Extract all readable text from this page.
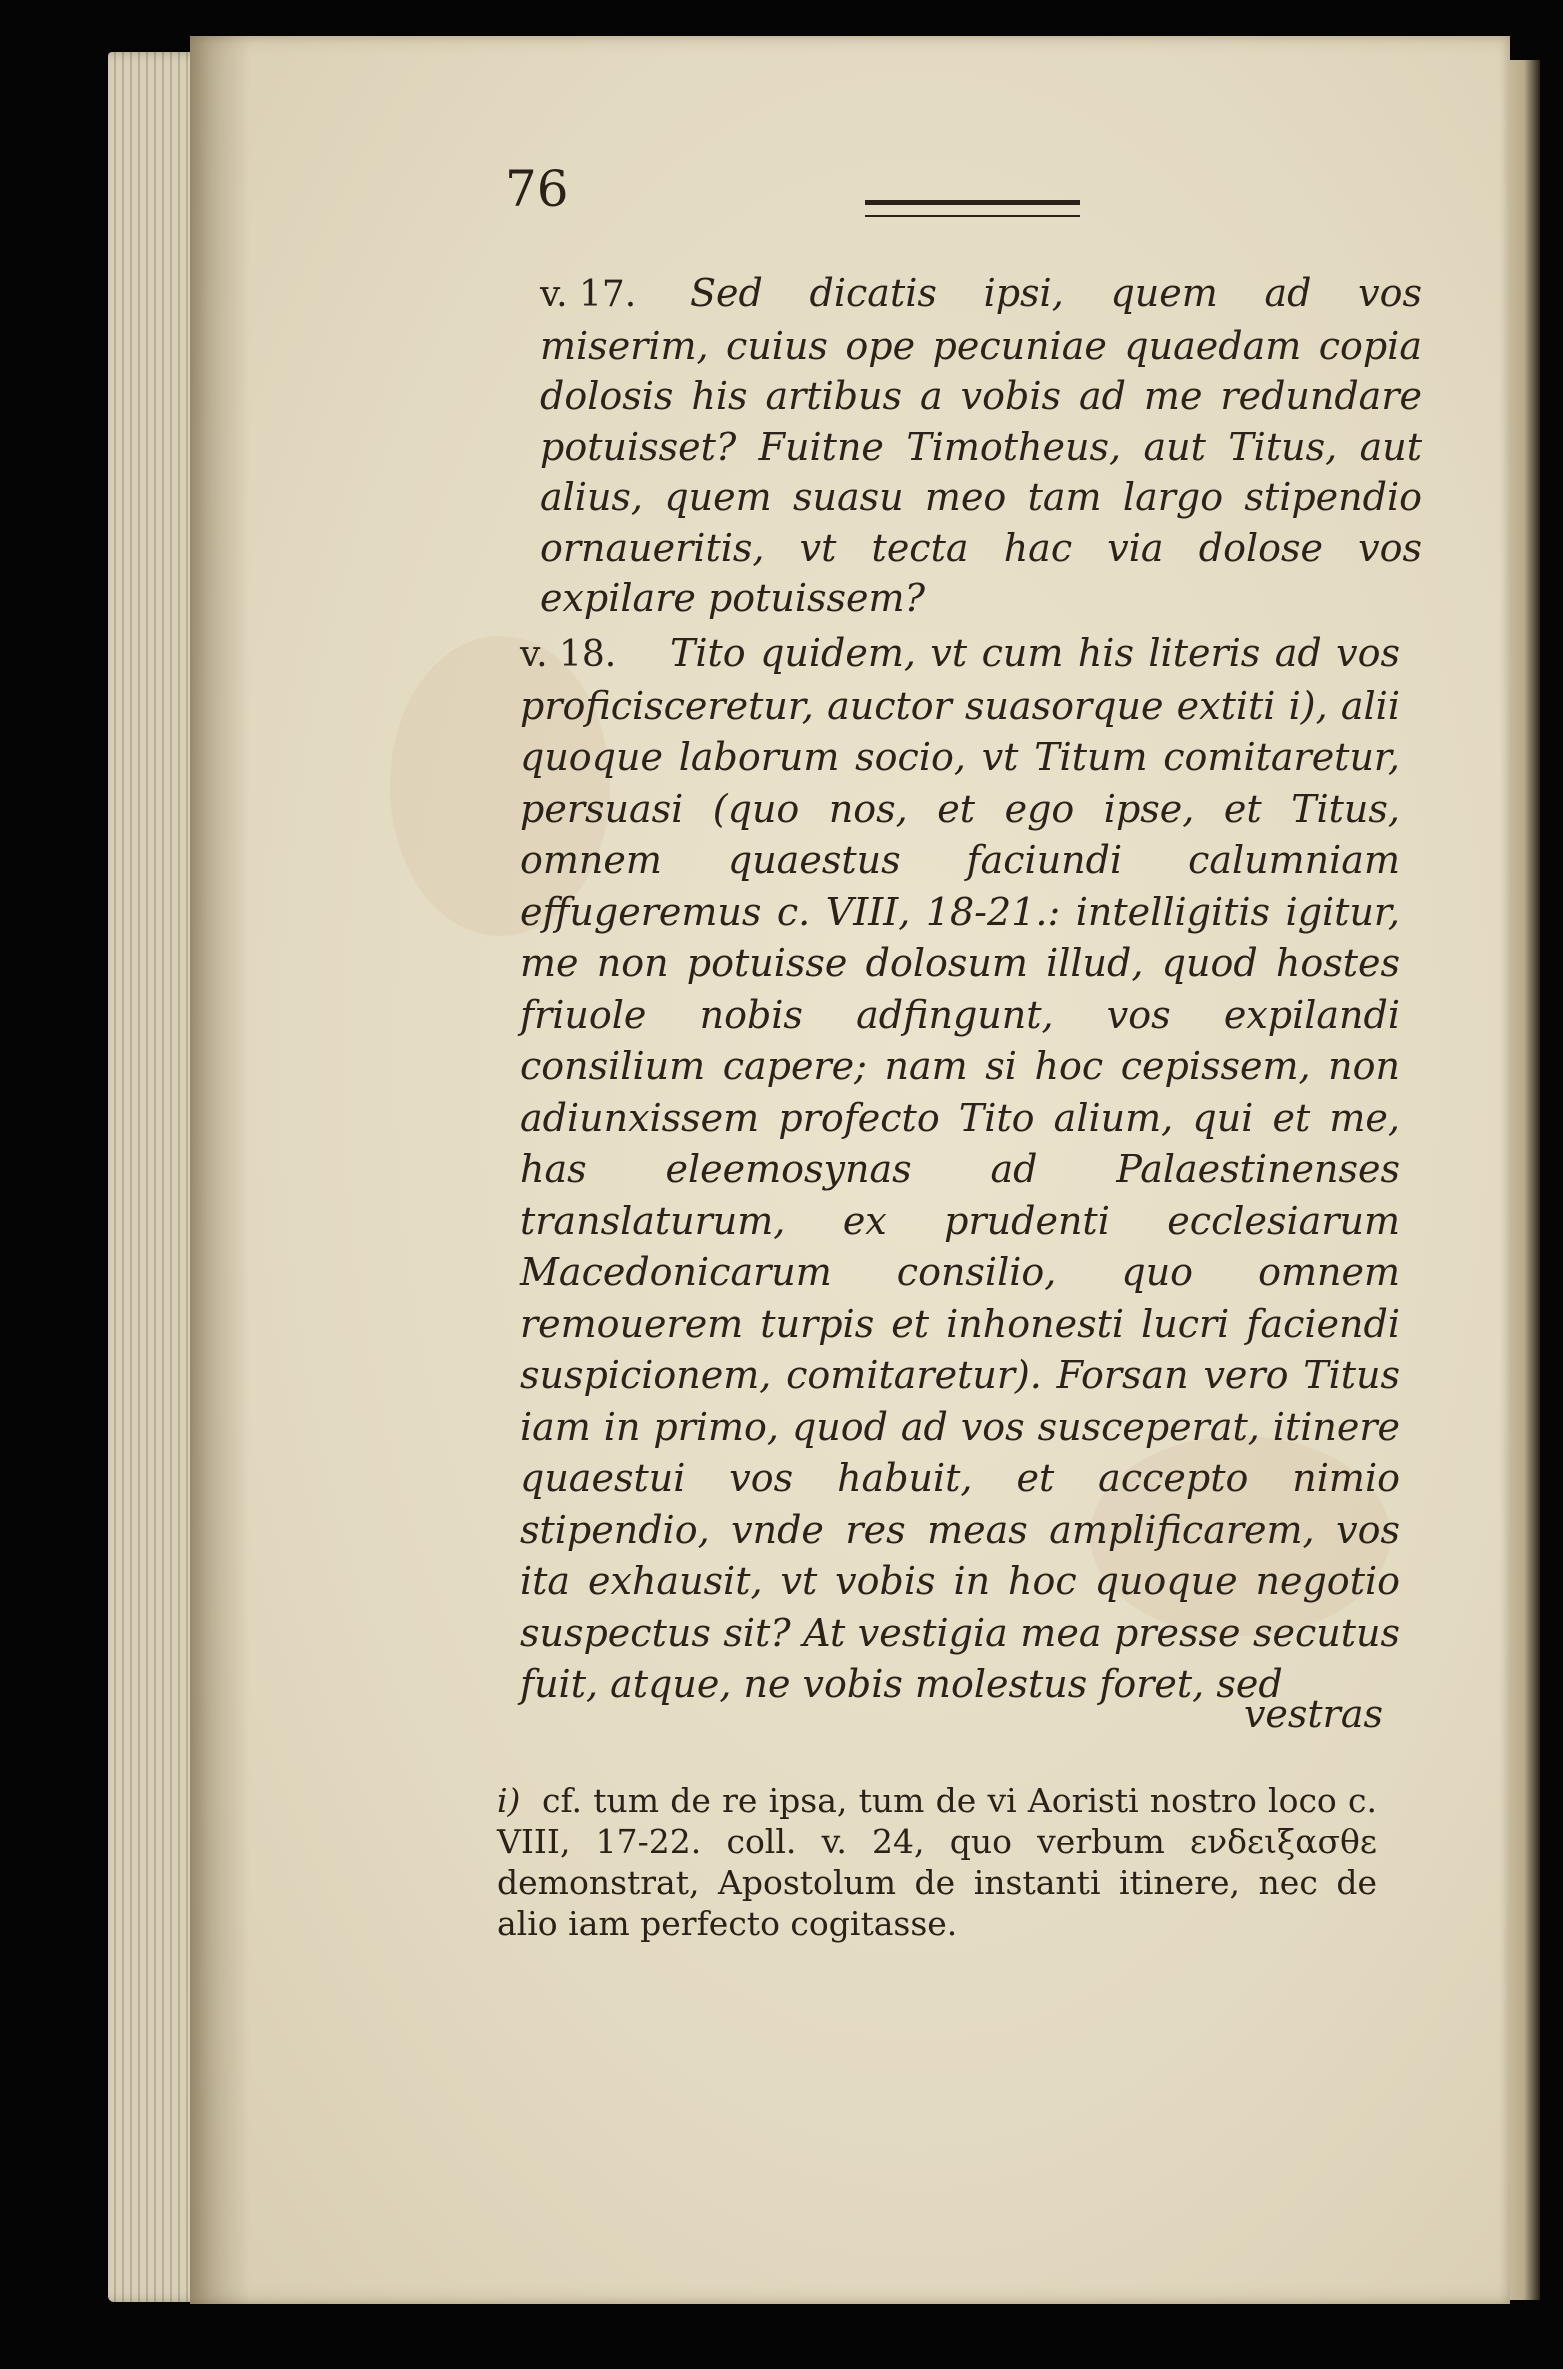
76
v. 17. Sed dicatis ipsi, quem ad vos miserim, cuius ope pecuniae quaedam copia dolosis his artibus a vobis ad me redundare potuisset? Fuitne Timotheus, aut Titus, aut alius, quem suasu meo tam largo stipendio ornaueritis, vt tecta hac via dolose vos expilare potuissem?
v. 18. Tito quidem, vt cum his literis ad vos proficisceretur, auctor suasorque extiti i), alii quoque laborum socio, vt Titum comitaretur, persuasi (quo nos, et ego ipse, et Titus, omnem quaestus faciundi calumniam effugeremus c. VIII, 18-21.: intelligitis igitur, me non potuisse dolosum illud, quod hostes friuole nobis adfingunt, vos expilandi consilium capere; nam si hoc cepissem, non adiunxissem profecto Tito alium, qui et me, has eleemosynas ad Palaestinenses translaturum, ex prudenti ecclesiarum Macedonicarum consilio, quo omnem remouerem turpis et inhonesti lucri faciendi suspicionem, comitaretur). Forsan vero Titus iam in primo, quod ad vos susceperat, itinere quaestui vos habuit, et accepto nimio stipendio, vnde res meas amplificarem, vos ita exhausit, vt vobis in hoc quoque negotio suspectus sit? At vestigia mea presse secutus fuit, atque, ne vobis molestus foret, sed
vestras
i) cf. tum de re ipsa, tum de vi Aoristi nostro loco c. VIII, 17-22. coll. v. 24, quo verbum ενδειξασθε demonstrat, Apostolum de instanti itinere, nec de alio iam perfecto cogitasse.
